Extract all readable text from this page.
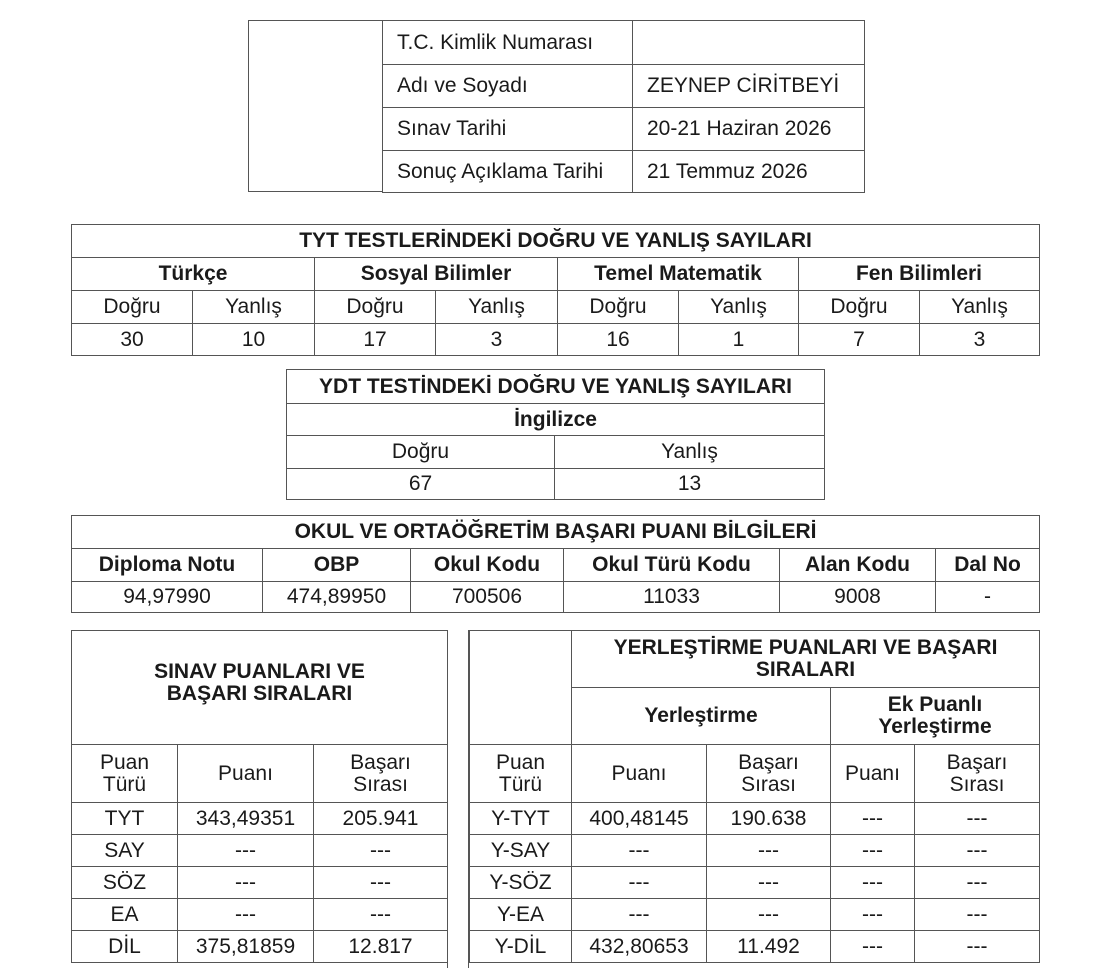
T.C. Kimlik Numarası	
Adı ve Soyadı	ZEYNEP CİRİTBEYİ
Sınav Tarihi	20-21 Haziran 2026
Sonuç Açıklama Tarihi	21 Temmuz 2026
TYT TESTLERİNDEKİ DOĞRU VE YANLIŞ SAYILARI							
Türkçe		Sosyal Bilimler		Temel Matematik		Fen Bilimleri	
Doğru	Yanlış	Doğru	Yanlış	Doğru	Yanlış	Doğru	Yanlış
30	10	17	3	16	1	7	3
YDT TESTİNDEKİ DOĞRU VE YANLIŞ SAYILARI	
İngilizce	
Doğru	Yanlış
67	13
OKUL VE ORTAÖĞRETİM BAŞARI PUANI BİLGİLERİ					
Diploma Notu	OBP	Okul Kodu	Okul Türü Kodu	Alan Kodu	Dal No
94,97990	474,89950	700506	11033	9008	-
SINAV PUANLARI VE BAŞARI SIRALARI		
Puan Türü	Puanı	Başarı Sırası
TYT	343,49351	205.941
SAY	---	---
SÖZ	---	---
EA	---	---
DİL	375,81859	12.817
	YERLEŞTİRME PUANLARI VE BAŞARI SIRALARI			
	Yerleştirme		Ek Puanlı Yerleştirme	
Puan Türü	Puanı	Başarı Sırası	Puanı	Başarı Sırası
Y-TYT	400,48145	190.638	---	---
Y-SAY	---	---	---	---
Y-SÖZ	---	---	---	---
Y-EA	---	---	---	---
Y-DİL	432,80653	11.492	---	---
